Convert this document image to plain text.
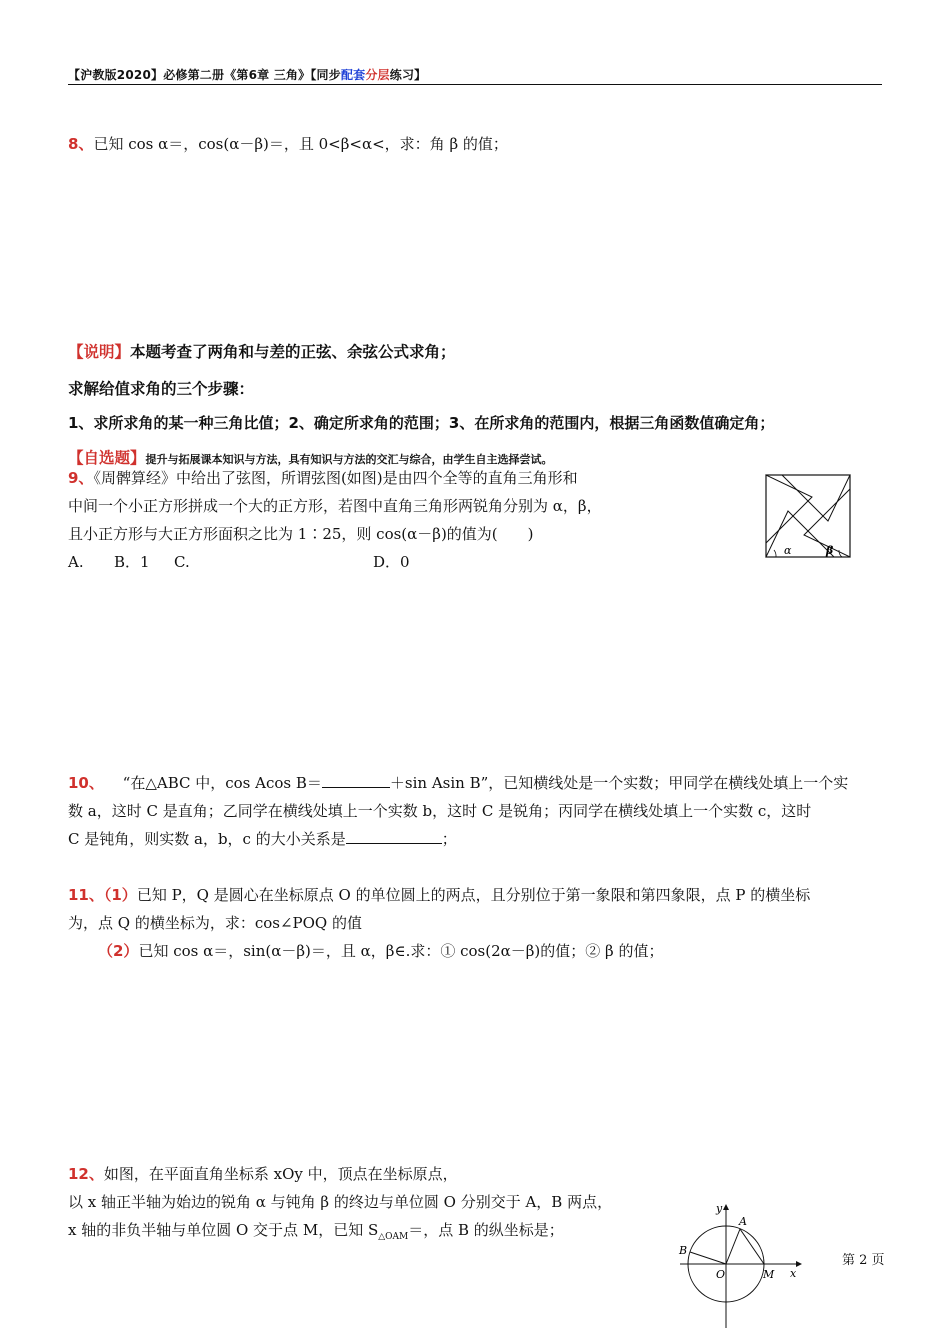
【沪教版2020】必修第二册《第6章 三角》【同步配套分层练习】
8、已知 cos α＝，cos(α－β)＝，且 0<β<α<，求：角 β 的值；
【说明】本题考查了两角和与差的正弦、余弦公式求角；
求解给值求角的三个步骤：
1、求所求角的某一种三角比值；2、确定所求角的范围；3、在所求角的范围内，根据三角函数值确定角；
【自选题】提升与拓展课本知识与方法，具有知识与方法的交汇与综合，由学生自主选择尝试。
9、《周髀算经》中给出了弦图，所谓弦图(如图)是由四个全等的直角三角形和
中间一个小正方形拼成一个大的正方形，若图中直角三角形两锐角分别为 α，β，
且小正方形与大正方形面积之比为 1∶25，则 cos(α－β)的值为(　　)
A. B．1 C.	D．0
α	β
10、 “在△ABC 中，cos Acos B＝	＋sin Asin B”，已知横线处是一个实数；甲同学在横线处填上一个实
数 a，这时 C 是直角；乙同学在横线处填上一个实数 b，这时 C 是锐角；丙同学在横线处填上一个实数 c，这时
C 是钝角，则实数 a，b，c 的大小关系是	；
11、（1）已知 P，Q 是圆心在坐标原点 O 的单位圆上的两点，且分别位于第一象限和第四象限，点 P 的横坐标
为，点 Q 的横坐标为，求：cos∠POQ 的值
（2）已知 cos α＝，sin(α－β)＝，且 α，β∈.求：① cos(2α－β)的值；② β 的值；
12、如图，在平面直角坐标系 xOy 中，顶点在坐标原点，
以 x 轴正半轴为始边的锐角 α 与钝角 β 的终边与单位圆 O 分别交于 A，B 两点，
x 轴的非负半轴与单位圆 O 交于点 M，已知 $S_{\triangle OAM}=$，点 B 的纵坐标是；
y
x
A
B
O	M
第 2 页
